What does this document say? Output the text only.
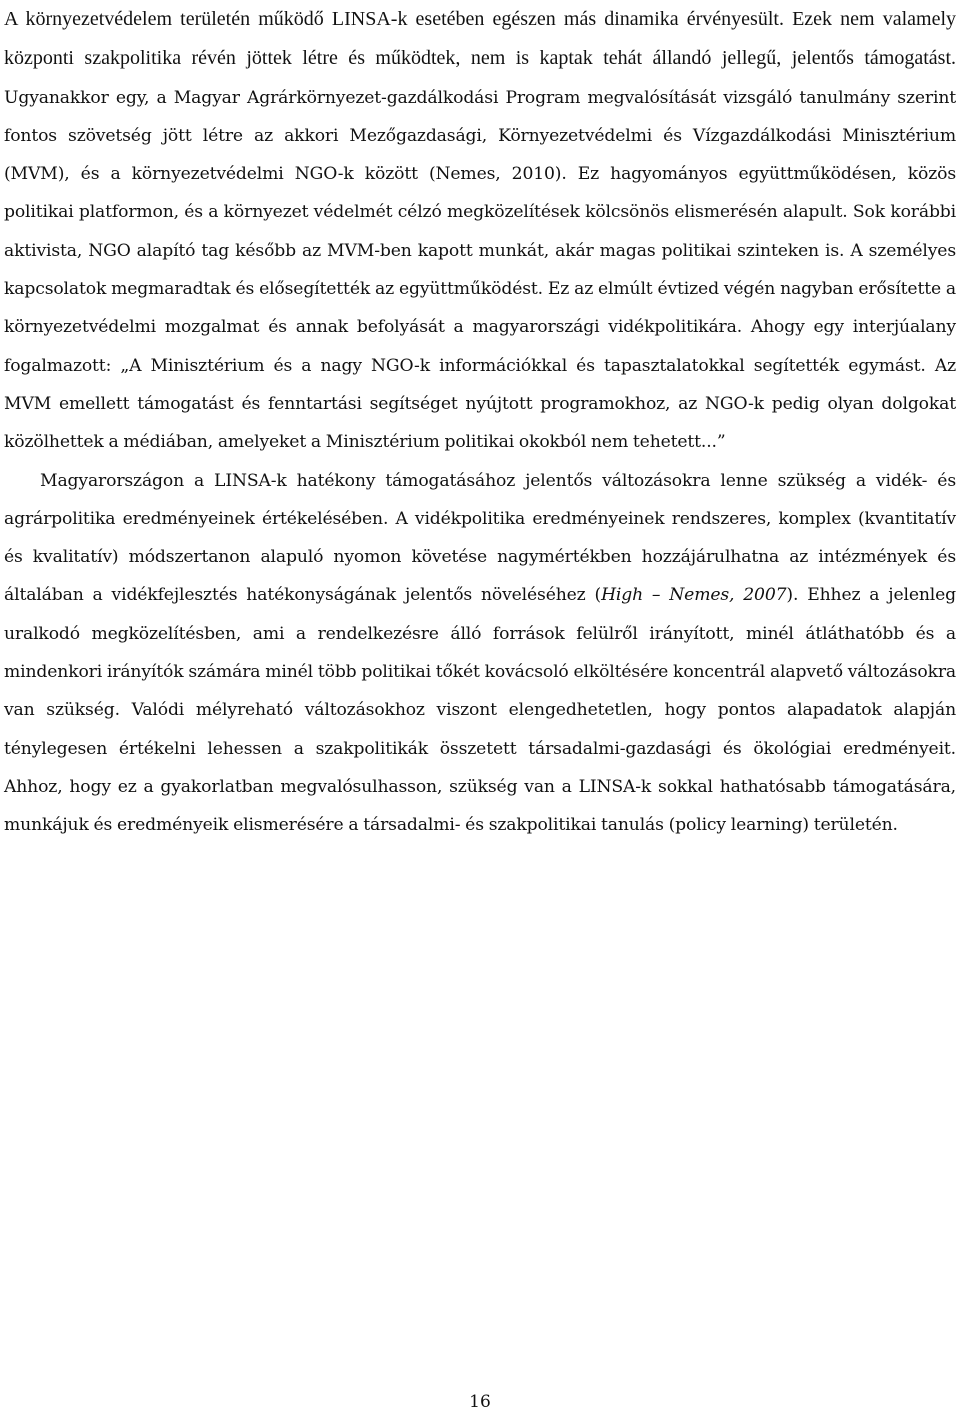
A környezetvédelem területén működő LINSA-k esetében egészen más dinamika érvényesült. Ezek nem valamely központi szakpolitika révén jöttek létre és működtek, nem is kaptak tehát állandó jellegű, jelentős támogatást. Ugyanakkor egy, a Magyar Agrárkörnyezet-gazdálkodási Program megvalósítását vizsgáló tanulmány szerint fontos szövetség jött létre az akkori Mezőgazdasági, Környezetvédelmi és Vízgazdálkodási Minisztérium (MVM), és a környezetvédelmi NGO-k között (Nemes, 2010). Ez hagyományos együttműködésen, közös politikai platformon, és a környezet védelmét célzó megközelítések kölcsönös elismerésén alapult. Sok korábbi aktivista, NGO alapító tag később az MVM-ben kapott munkát, akár magas politikai szinteken is. A személyes kapcsolatok megmaradtak és elősegítették az együttműködést. Ez az elmúlt évtized végén nagyban erősítette a környezetvédelmi mozgalmat és annak befolyását a magyarországi vidékpolitikára. Ahogy egy interjúalany fogalmazott: „A Minisztérium és a nagy NGO-k információkkal és tapasztalatokkal segítették egymást. Az MVM emellett támogatást és fenntartási segítséget nyújtott programokhoz, az NGO-k pedig olyan dolgokat közölhettek a médiában, amelyeket a Minisztérium politikai okokból nem tehetett...”

Magyarországon a LINSA-k hatékony támogatásához jelentős változásokra lenne szükség a vidék- és agrárpolitika eredményeinek értékelésében. A vidékpolitika eredményeinek rendszeres, komplex (kvantitatív és kvalitatív) módszertanon alapuló nyomon követése nagymértékben hozzájárulhatna az intézmények és általában a vidékfejlesztés hatékonyságának jelentős növeléséhez (High – Nemes, 2007). Ehhez a jelenleg uralkodó megközelítésben, ami a rendelkezésre álló források felülről irányított, minél átláthatóbb és a mindenkori irányítók számára minél több politikai tőkét kovácsoló elköltésére koncentrál alapvető változásokra van szükség. Valódi mélyreható változásokhoz viszont elengedhetetlen, hogy pontos alapadatok alapján ténylegesen értékelni lehessen a szakpolitikák összetett társadalmi-gazdasági és ökológiai eredményeit. Ahhoz, hogy ez a gyakorlatban megvalósulhasson, szükség van a LINSA-k sokkal hathatósabb támogatására, munkájuk és eredményeik elismerésére a társadalmi- és szakpolitikai tanulás (policy learning) területén.

16
